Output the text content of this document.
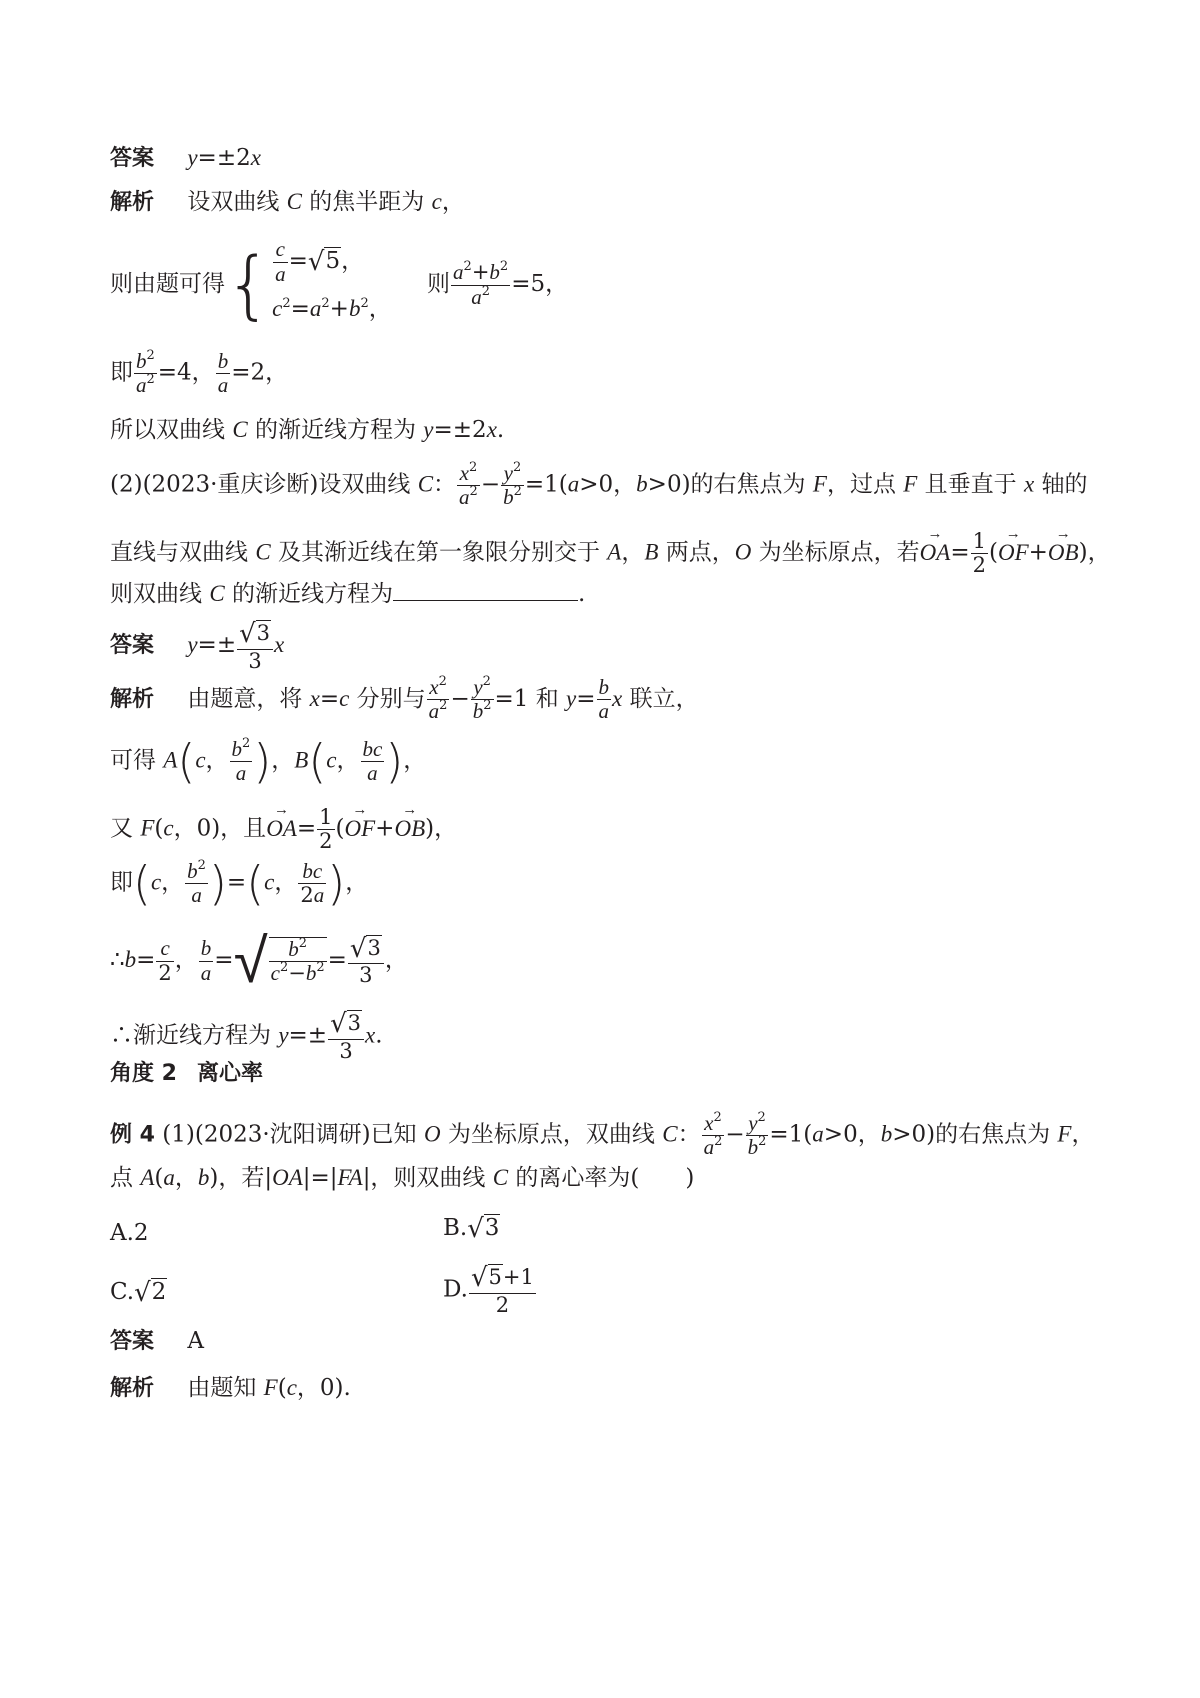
答案 y=±2x
解析 设双曲线 C 的焦半距为 c，
则由题可得{ $\frac{c}{a} =√5$，
$c^2=a^2+b^2$，
则 $\frac{a^2+b^2}{a^2} =5$，
即 $\frac{b^2}{a^2} =4$， $\frac{b}{a} =2$，
所以双曲线 C 的渐近线方程为 y=±2x.
(2)(2023·重庆诊断)设双曲线 C： $\frac{x^2}{a^2} - \frac{y^2}{b^2} =1(a>0$，b>0)的右焦点为 F，过点 F 且垂直于 x 轴的
直线与双曲线 C 及其渐近线在第一象限分别交于 A，B 两点，O 为坐标原点，若→ $OA= \frac{1}{2}$ (→ OF+→ OB)，
则双曲线 C 的渐近线方程为	.
答案 $y=\pm \frac{√3}{3}$ x
解析 由题意，将 x=c 分别与 $\frac{x^2}{a^2} - \frac{y^2}{b^2} =1$ 和 $y= \frac{b}{a}$ x 联立，
可得 A(c， $\frac{b^2}{a}$ )，B(c， $\frac{bc}{a}$ )，
又 F(c，0)，且→ $OA= \frac{1}{2}$ (→ OF+→ OB)，
即(c， $\frac{b^2}{a} )=(c$， $\frac{bc}{2a}$ )，
∴b= $\frac{c}{2}$ ， $\frac{b}{a}$ =√ $\frac{b^2}{c^2-b^2} = \frac{√3}{3}$ ，
∴渐近线方程为 $y=\pm \frac{√3}{3} x$.
角度 2 离心率
例 4 (1)(2023·沈阳调研)已知 O 为坐标原点，双曲线 C： $\frac{x^2}{a^2} - \frac{y^2}{b^2} =1(a>0$，b>0)的右焦点为 F，
点 A(a，b)，若|OA|=|FA|，则双曲线 C 的离心率为(　　)
A.2	B.√3
C.√2	D. $\frac{√5+1}{2}$
答案 A
解析 由题知 F(c，0).
